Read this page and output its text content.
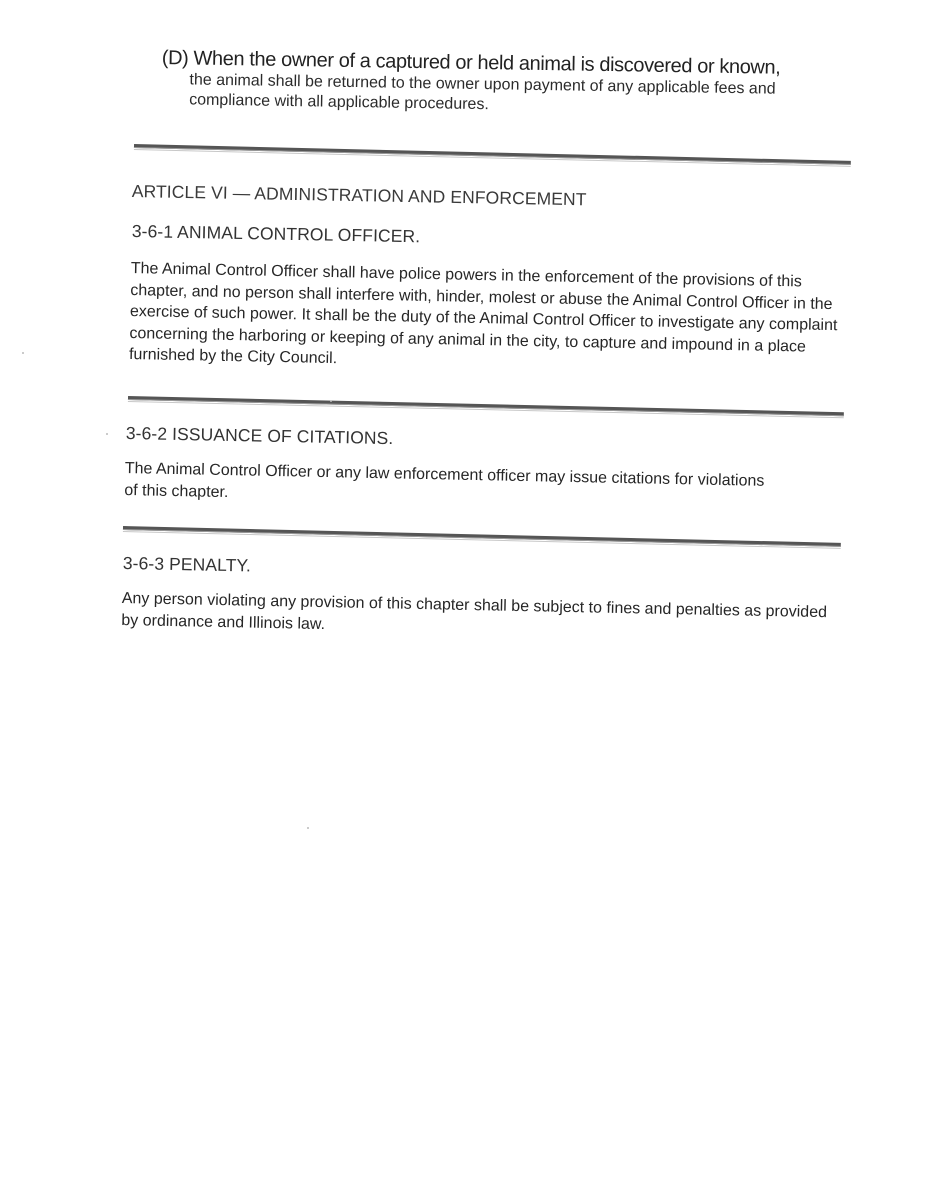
(D) When the owner of a captured or held animal is discovered or known,
the animal shall be returned to the owner upon payment of any applicable fees and compliance with all applicable procedures.
ARTICLE VI — ADMINISTRATION AND ENFORCEMENT
3-6-1 ANIMAL CONTROL OFFICER.
The Animal Control Officer shall have police powers in the enforcement of the provisions of this chapter, and no person shall interfere with, hinder, molest or abuse the Animal Control Officer in the exercise of such power. It shall be the duty of the Animal Control Officer to investigate any complaint concerning the harboring or keeping of any animal in the city, to capture and impound in a place furnished by the City Council.
3-6-2 ISSUANCE OF CITATIONS.
The Animal Control Officer or any law enforcement officer may issue citations for violations of this chapter.
3-6-3 PENALTY.
Any person violating any provision of this chapter shall be subject to fines and penalties as provided by ordinance and Illinois law.
